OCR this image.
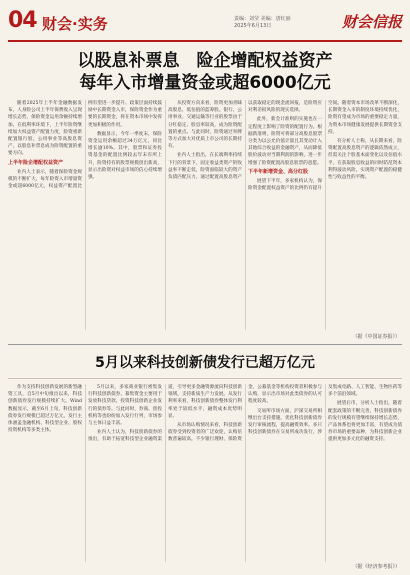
04 财会·实务	责编：刘莹 美编：唐红丽
2025年6月13日	财会信报
以股息补票息　险企增配权益资产
每年入市增量资金或超6000亿元

随着2025年上半年金融数据发布，人身险公司上半年保费收入呈现增长态势，保险资金运用余额持续增加。在低利率环境下，上半年险资继续加大权益资产配置力度，险资重新配置银行股、公用事业等高股息资产，以股息补票息成为险资配置的重要方向。

上半年险企增配权益资产

业内人士表示，随着保险资金规模的不断扩大，每年险资入市增量资金或超6000亿元，权益资产配置比例有望进一步提升。政策层面持续鼓励中长期资金入市，保险资金作为重要的长期资金，将在资本市场中发挥更加积极的作用。

数据显示，今年一季度末，保险资金运用余额超过34万亿元，同比增长逾10%。其中，股票和证券投资基金的配置比例较去年末有所上升，险资持有的股票规模创出新高，显示出险资对权益市场的信心持续增强。

从投资方向来看，险资更加青睐高股息、低估值的蓝筹股。银行、公用事业、交通运输等行业的股票由于分红稳定、股息率较高，成为险资配置的重点。与此同时，险资通过举牌等方式加大对优质上市公司的长期持有。

业内人士指出，在长端利率持续下行的背景下，固定收益类资产的收益率不断走低，险资面临较大的资产负债匹配压力，通过配置高股息资产以获取稳定的现金流回报，是险资应对利差损风险的现实选择。

此外，新会计准则的实施也在一定程度上影响了险资的配置行为。根据新准则，险资可将部分高股息股票分类为以公允价值计量且其变动计入其他综合收益的金融资产，从而降低股价波动对当期利润的影响，进一步增强了险资配置高股息股票的意愿。

下半年新增资金、高分红股

展望下半年，多家机构认为，保险资金配置权益资产的比例仍有提升空间。随着资本市场改革不断深化，长期资金入市的制度环境持续优化，险资有望成为市场的重要稳定力量，为资本市场健康发展提供长期资金支持。

有分析人士称，从长期来看，险资配置高股息资产的逻辑依然成立，但需关注个股基本面变化以及估值水平，在获取股息收益的同时防范资本利得波动风险，实现资产配置的稳健性与收益性的平衡。

（据《中国证券报》）
5月以来科技创新债发行已超万亿元

作为支持科技创新发展的新型融资工具，自5月中旬推出以来，科技创新债券发行规模持续扩大。Wind数据显示，截至6月上旬，科技创新债券发行规模已超过万亿元，发行主体涵盖金融机构、科技型企业、股权投资机构等多类主体。

5月以来，多家商业银行密集发行科技创新债券，募集资金主要用于发放科技贷款、投资科技创新企业发行的债券等。与此同时，券商、创投机构等也纷纷加入发行行列，市场参与主体日益丰富。

业内人士认为，科技创新债券的推出，有助于拓宽科技型企业融资渠道，引导更多金融资源流向科技创新领域，支持新质生产力发展。从发行利率来看，科技创新债券整体发行利率处于较低水平，融资成本优势明显。

从市场认购情况来看，科技创新债券受到投资者的广泛欢迎，认购倍数普遍较高。不少银行理财、保险资金、公募基金等机构投资者积极参与认购，显示出市场对此类债券的认可程度较高。

交易所市场方面，沪深交易所相继出台支持措施，优化科技创新债券发行审核流程，提高融资效率。多只科技创新债券在交易所成功发行，涉及集成电路、人工智能、生物医药等多个前沿领域。

展望后市，分析人士指出，随着配套政策的不断完善，科技创新债券的发行规模有望继续保持增长态势，产品体系也将更加丰富，有望成为债券市场的重要品种，为科技创新企业提供更加多元化的融资支持。

（据《经济参考报》）
